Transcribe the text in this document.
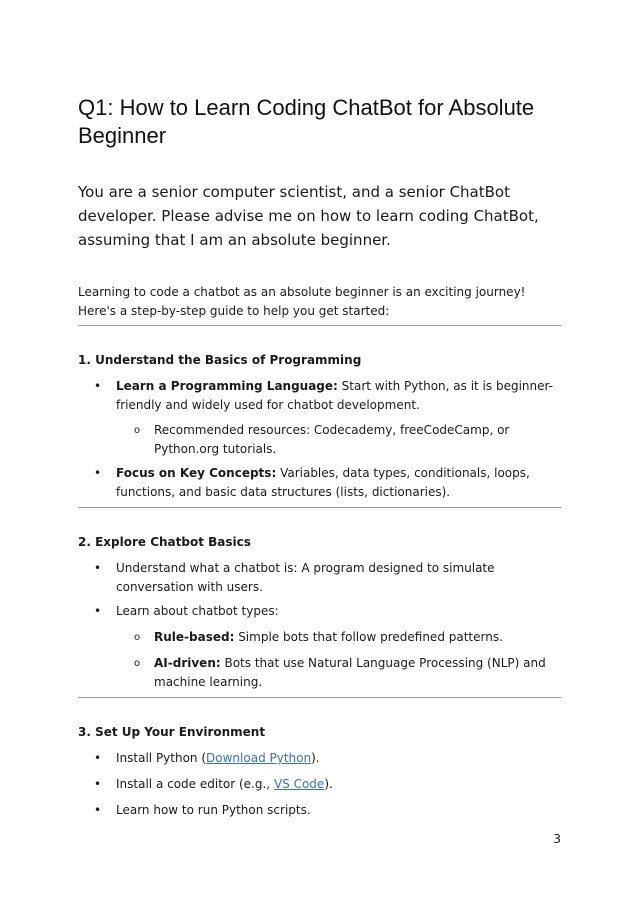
Q1: How to Learn Coding ChatBot for Absolute Beginner

You are a senior computer scientist, and a senior ChatBot developer. Please advise me on how to learn coding ChatBot, assuming that I am an absolute beginner.

Learning to code a chatbot as an absolute beginner is an exciting journey! Here's a step-by-step guide to help you get started:

1. Understand the Basics of Programming
• Learn a Programming Language: Start with Python, as it is beginner-friendly and widely used for chatbot development.
o Recommended resources: Codecademy, freeCodeCamp, or Python.org tutorials.
• Focus on Key Concepts: Variables, data types, conditionals, loops, functions, and basic data structures (lists, dictionaries).
2. Explore Chatbot Basics
• Understand what a chatbot is: A program designed to simulate conversation with users.
• Learn about chatbot types:
o Rule-based: Simple bots that follow predefined patterns.
o AI-driven: Bots that use Natural Language Processing (NLP) and machine learning.
3. Set Up Your Environment
• Install Python (Download Python).
• Install a code editor (e.g., VS Code).
• Learn how to run Python scripts.
3
